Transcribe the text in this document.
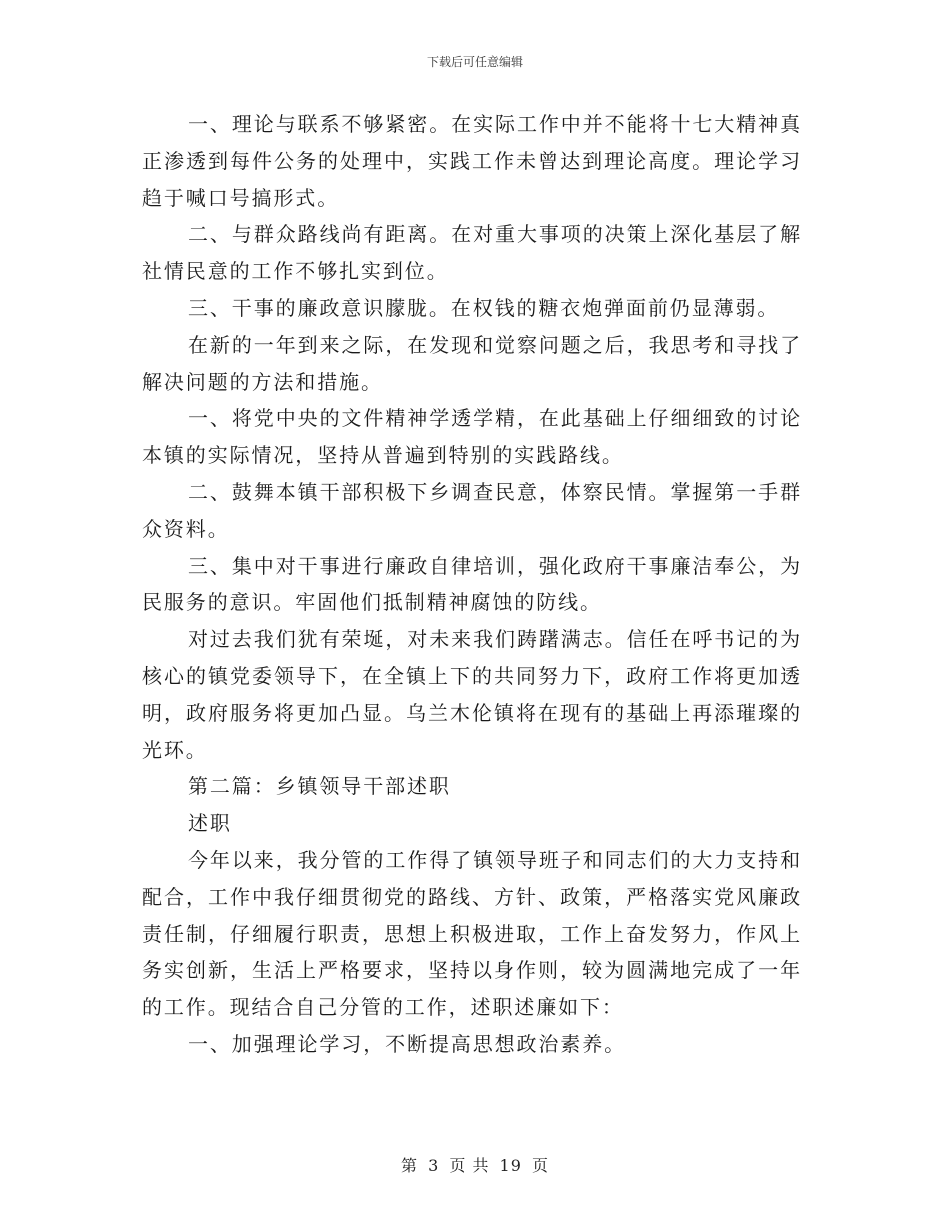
下载后可任意编辑

一、理论与联系不够紧密。在实际工作中并不能将十七大精神真正渗透到每件公务的处理中，实践工作未曾达到理论高度。理论学习趋于喊口号搞形式。

二、与群众路线尚有距离。在对重大事项的决策上深化基层了解社情民意的工作不够扎实到位。

三、干事的廉政意识朦胧。在权钱的糖衣炮弹面前仍显薄弱。

在新的一年到来之际，在发现和觉察问题之后，我思考和寻找了解决问题的方法和措施。

一、将党中央的文件精神学透学精，在此基础上仔细细致的讨论本镇的实际情况，坚持从普遍到特别的实践路线。

二、鼓舞本镇干部积极下乡调查民意，体察民情。掌握第一手群众资料。

三、集中对干事进行廉政自律培训，强化政府干事廉洁奉公，为民服务的意识。牢固他们抵制精神腐蚀的防线。

对过去我们犹有荣埏，对未来我们踌躇满志。信任在呼书记的为核心的镇党委领导下，在全镇上下的共同努力下，政府工作将更加透明，政府服务将更加凸显。乌兰木伦镇将在现有的基础上再添璀璨的光环。

第二篇：乡镇领导干部述职

述职

今年以来，我分管的工作得了镇领导班子和同志们的大力支持和配合，工作中我仔细贯彻党的路线、方针、政策，严格落实党风廉政责任制，仔细履行职责，思想上积极进取，工作上奋发努力，作风上务实创新，生活上严格要求，坚持以身作则，较为圆满地完成了一年的工作。现结合自己分管的工作，述职述廉如下：

一、加强理论学习，不断提高思想政治素养。

第 3 页 共 19 页
